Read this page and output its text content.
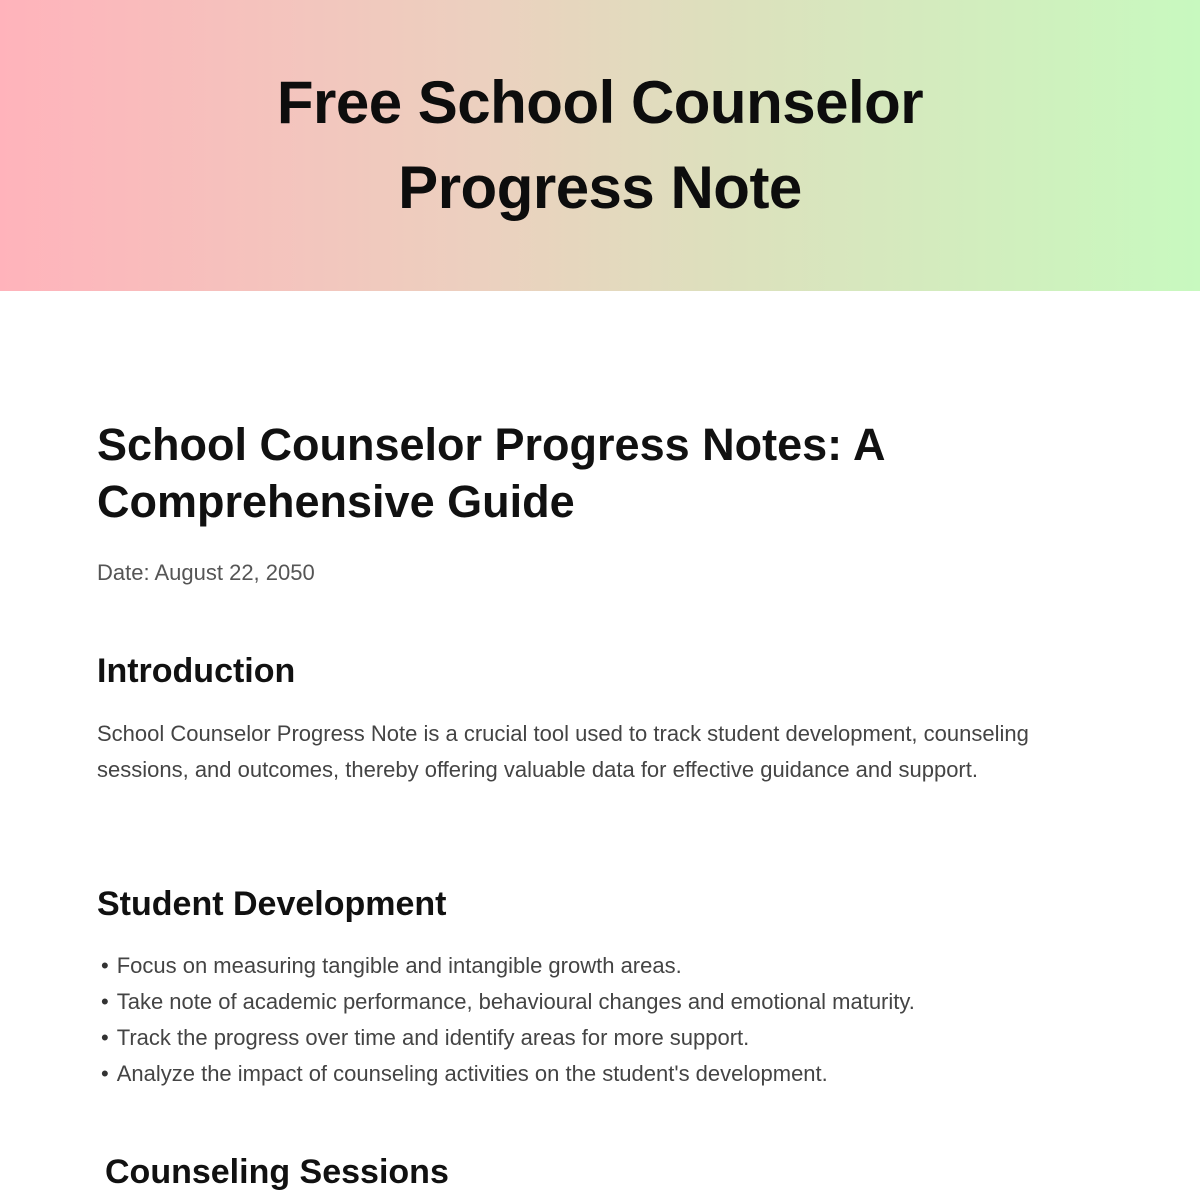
Free School Counselor
Progress Note
School Counselor Progress Notes: A Comprehensive Guide
Date: August 22, 2050
Introduction

School Counselor Progress Note is a crucial tool used to track student development, counseling sessions, and outcomes, thereby offering valuable data for effective guidance and support.

Student Development
• Focus on measuring tangible and intangible growth areas.
• Take note of academic performance, behavioural changes and emotional maturity.
• Track the progress over time and identify areas for more support.
• Analyze the impact of counseling activities on the student's development.
Counseling Sessions
